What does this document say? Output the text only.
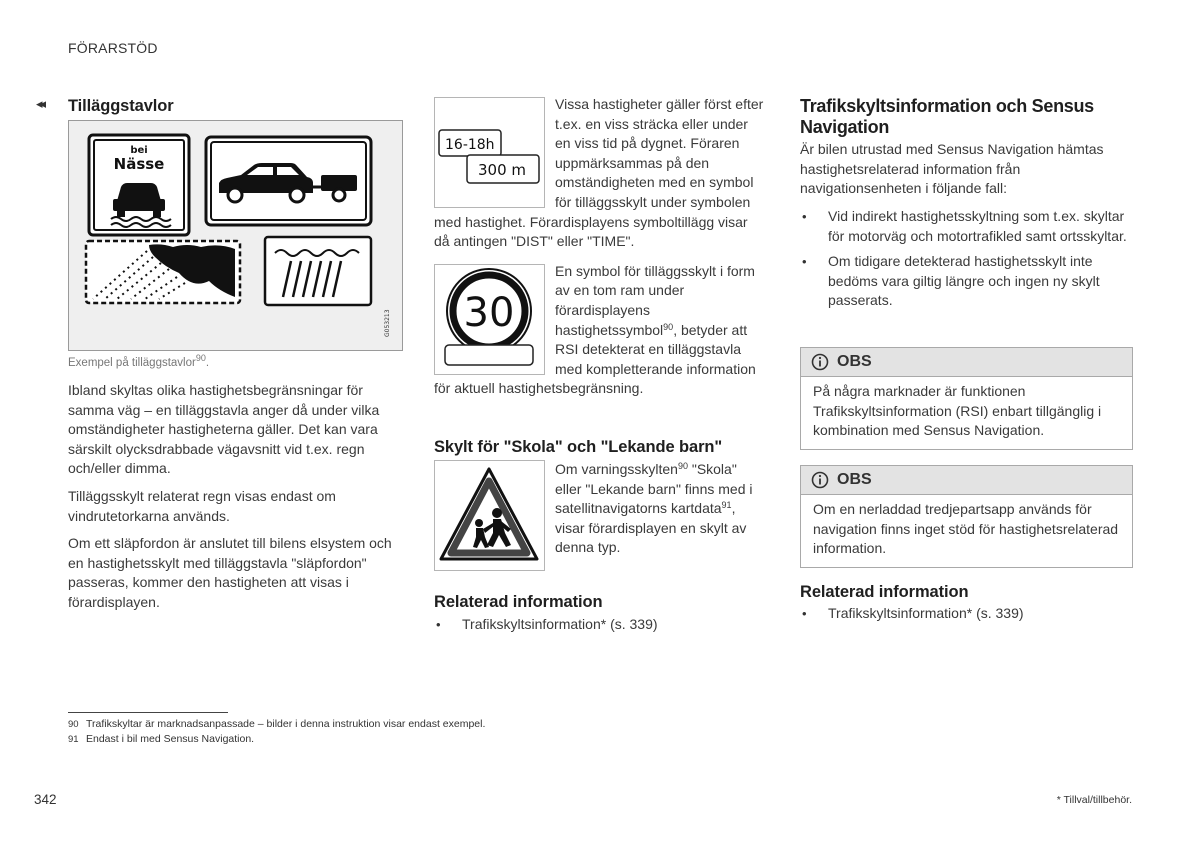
FÖRARSTÖD
◂◂ Tilläggstavlor
bei
Nässe
G053213
Exempel på tilläggstavlor$^{90}$.

Ibland skyltas olika hastighetsbegränsningar för samma väg – en tilläggstavla anger då under vilka omständigheter hastigheterna gäller. Det kan vara särskilt olycksdrabbade vägavsnitt vid t.ex. regn och/eller dimma.

Tilläggsskylt relaterat regn visas endast om vindrutetorkarna används.

Om ett släpfordon är anslutet till bilens elsystem och en hastighetsskylt med tilläggstavla "släpfordon" passeras, kommer den hastigheten att visas i förardisplayen.

16-18h
300 m

Vissa hastigheter gäller först efter t.ex. en viss sträcka eller under en viss tid på dygnet. Föraren uppmärksammas på den omständigheten med en symbol för tilläggsskylt under symbolen med hastighet. Förardisplayens symboltillägg visar då antingen "DIST" eller "TIME".

30

En symbol för tilläggsskylt i form av en tom ram under förardisplayens hastighetssymbol$^{90}$, betyder att RSI detekterat en tilläggstavla med kompletterande information för aktuell hastighetsbegränsning.

Skylt för "Skola" och "Lekande barn"

Om varningsskylten$^{90}$ "Skola" eller "Lekande barn" finns med i satellitnavigatorns kartdata$^{91}$, visar förardisplayen en skylt av denna typ.

Relaterad information
• Trafikskyltsinformation* (s. 339)
Trafikskyltsinformation och Sensus Navigation

Är bilen utrustad med Sensus Navigation hämtas hastighetsrelaterad information från navigationsenheten i följande fall:

• Vid indirekt hastighetsskyltning som t.ex. skyltar för motorväg och motortrafikled samt ortsskyltar.
• Om tidigare detekterad hastighetsskylt inte bedöms vara giltig längre och ingen ny skylt passerats.
OBS
På några marknader är funktionen Trafikskyltsinformation (RSI) enbart tillgänglig i kombination med Sensus Navigation.
OBS
Om en nerladdad tredjepartsapp används för navigation finns inget stöd för hastighetsrelaterad information.
Relaterad information
• Trafikskyltsinformation* (s. 339)
90 Trafikskyltar är marknadsanpassade – bilder i denna instruktion visar endast exempel.
91 Endast i bil med Sensus Navigation.
342	* Tillval/tillbehör.
